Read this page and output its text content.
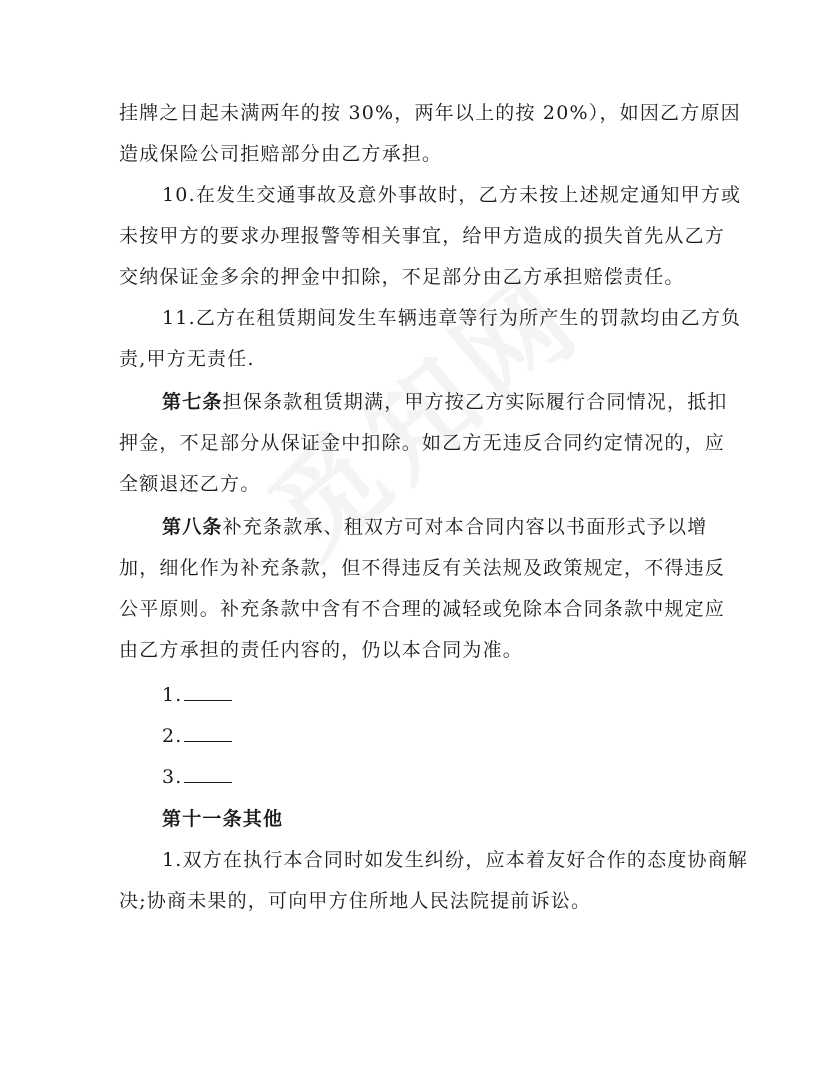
挂牌之日起未满两年的按 30%，两年以上的按 20%），如因乙方原因
造成保险公司拒赔部分由乙方承担。
10.在发生交通事故及意外事故时，乙方未按上述规定通知甲方或
未按甲方的要求办理报警等相关事宜，给甲方造成的损失首先从乙方
交纳保证金多余的押金中扣除，不足部分由乙方承担赔偿责任。
11.乙方在租赁期间发生车辆违章等行为所产生的罚款均由乙方负
责,甲方无责任.
第七条担保条款租赁期满，甲方按乙方实际履行合同情况，抵扣
押金，不足部分从保证金中扣除。如乙方无违反合同约定情况的，应
全额退还乙方。
第八条补充条款承、租双方可对本合同内容以书面形式予以增
加，细化作为补充条款，但不得违反有关法规及政策规定，不得违反
公平原则。补充条款中含有不合理的减轻或免除本合同条款中规定应
由乙方承担的责任内容的，仍以本合同为准。
1.
2.
3.
第十一条其他
1.双方在执行本合同时如发生纠纷，应本着友好合作的态度协商解
决;协商未果的，可向甲方住所地人民法院提前诉讼。
